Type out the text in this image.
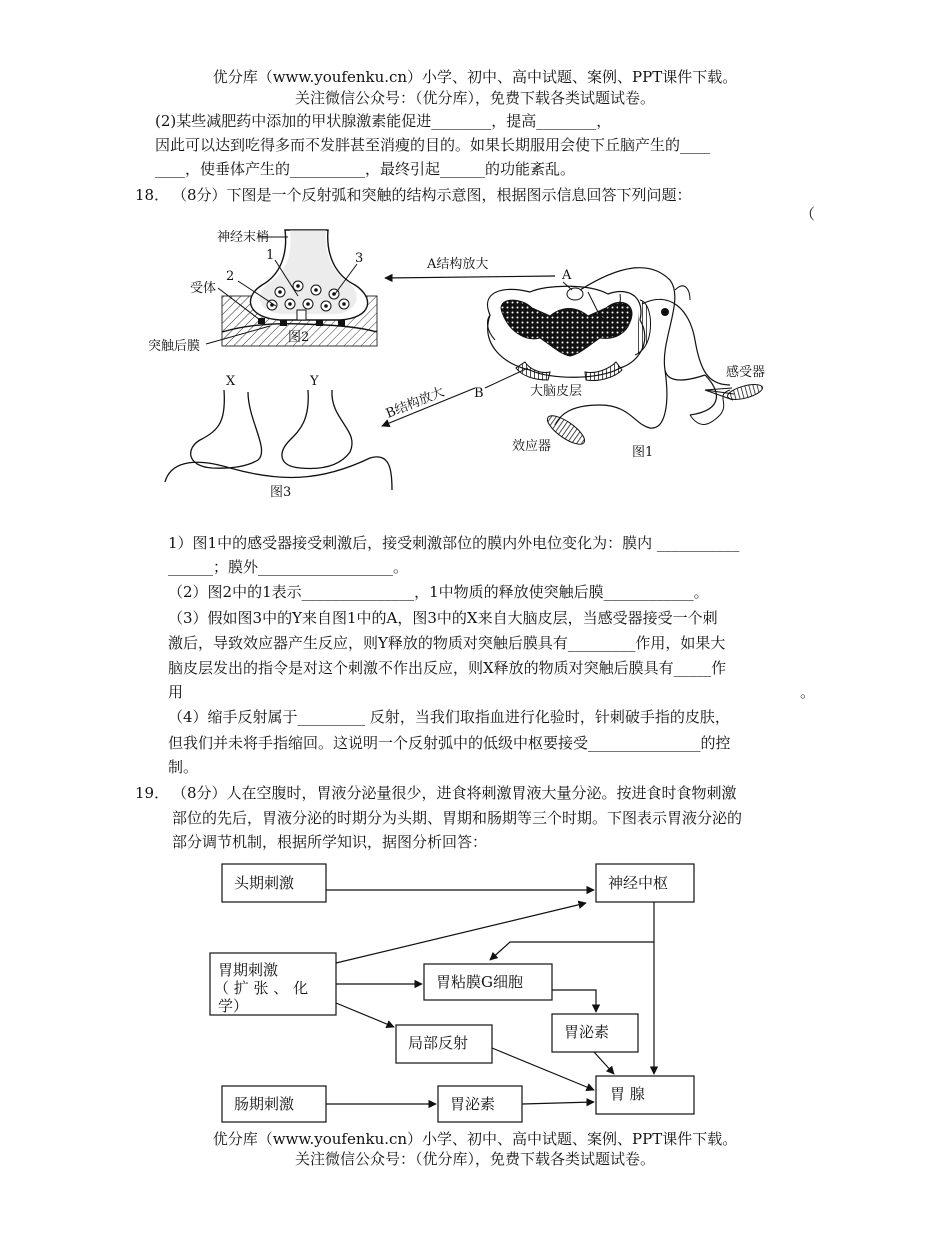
优分库（www.youfenku.cn）小学、初中、高中试题、案例、PPT课件下载。
关注微信公众号：（优分库），免费下载各类试题试卷。
(2)某些减肥药中添加的甲状腺激素能促进________，提高________，
因此可以达到吃得多而不发胖甚至消瘦的目的。如果长期服用会使下丘脑产生的____
____，使垂体产生的__________，最终引起______的功能紊乱。
18． （8分）下图是一个反射弧和突触的结构示意图，根据图示信息回答下列问题：
（
神经末梢
1	3
2
受体
突触后膜
图2
A结构放大
感受器
大脑皮层
效应器	图1
A
B
B结构放大
X	Y
图3
1）图1中的感受器接受刺激后，接受刺激部位的膜内外电位变化为：膜内 ___________
______；膜外__________________。
（2）图2中的1表示_______________，1中物质的释放使突触后膜____________。
（3）假如图3中的Y来自图1中的A，图3中的X来自大脑皮层，当感受器接受一个刺
激后，导致效应器产生反应，则Y释放的物质对突触后膜具有_________作用，如果大
脑皮层发出的指令是对这个刺激不作出反应，则X释放的物质对突触后膜具有_____作
用	。
（4）缩手反射属于_________ 反射，当我们取指血进行化验时，针刺破手指的皮肤，
但我们并未将手指缩回。这说明一个反射弧中的低级中枢要接受_______________的控
制。
19． （8分）人在空腹时，胃液分泌量很少，进食将刺激胃液大量分泌。按进食时食物刺激
部位的先后，胃液分泌的时期分为头期、胃期和肠期等三个时期。下图表示胃液分泌的
部分调节机制，根据所学知识，据图分析回答：
头期刺激	神经中枢
胃期刺激
（ 扩 张 、 化
学）
胃粘膜G细胞
胃泌素
局部反射
胃 腺
肠期刺激	胃泌素
优分库（www.youfenku.cn）小学、初中、高中试题、案例、PPT课件下载。
关注微信公众号：（优分库），免费下载各类试题试卷。
